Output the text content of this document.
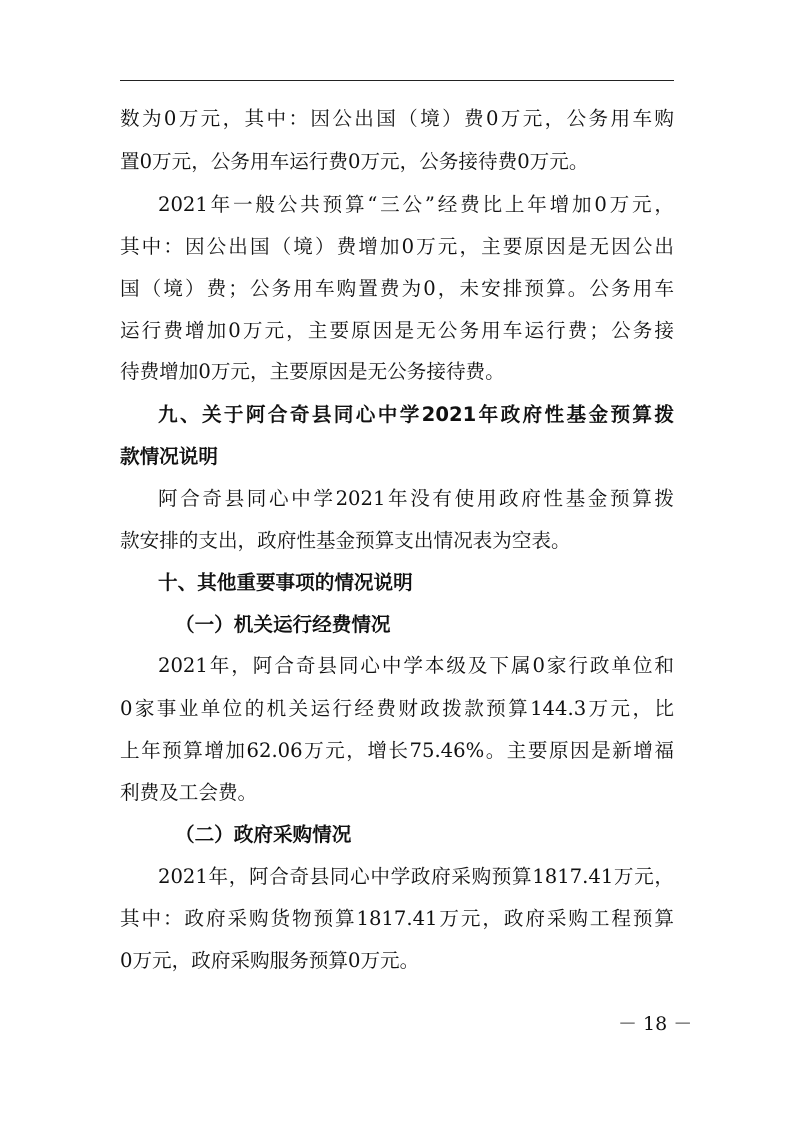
数为0万元，其中：因公出国（境）费0万元，公务用车购

置0万元，公务用车运行费0万元，公务接待费0万元。

2021年一般公共预算“三公”经费比上年增加0万元，

其中：因公出国（境）费增加0万元，主要原因是无因公出

国（境）费；公务用车购置费为0，未安排预算。公务用车

运行费增加0万元，主要原因是无公务用车运行费；公务接

待费增加0万元，主要原因是无公务接待费。

九、关于阿合奇县同心中学2021年政府性基金预算拨

款情况说明

阿合奇县同心中学2021年没有使用政府性基金预算拨

款安排的支出，政府性基金预算支出情况表为空表。

十、其他重要事项的情况说明

（一）机关运行经费情况

2021年，阿合奇县同心中学本级及下属0家行政单位和

0家事业单位的机关运行经费财政拨款预算144.3万元，比

上年预算增加62.06万元，增长75.46%。主要原因是新增福

利费及工会费。

（二）政府采购情况

2021年，阿合奇县同心中学政府采购预算1817.41万元，

其中：政府采购货物预算1817.41万元，政府采购工程预算

0万元，政府采购服务预算0万元。

－ 18 －
